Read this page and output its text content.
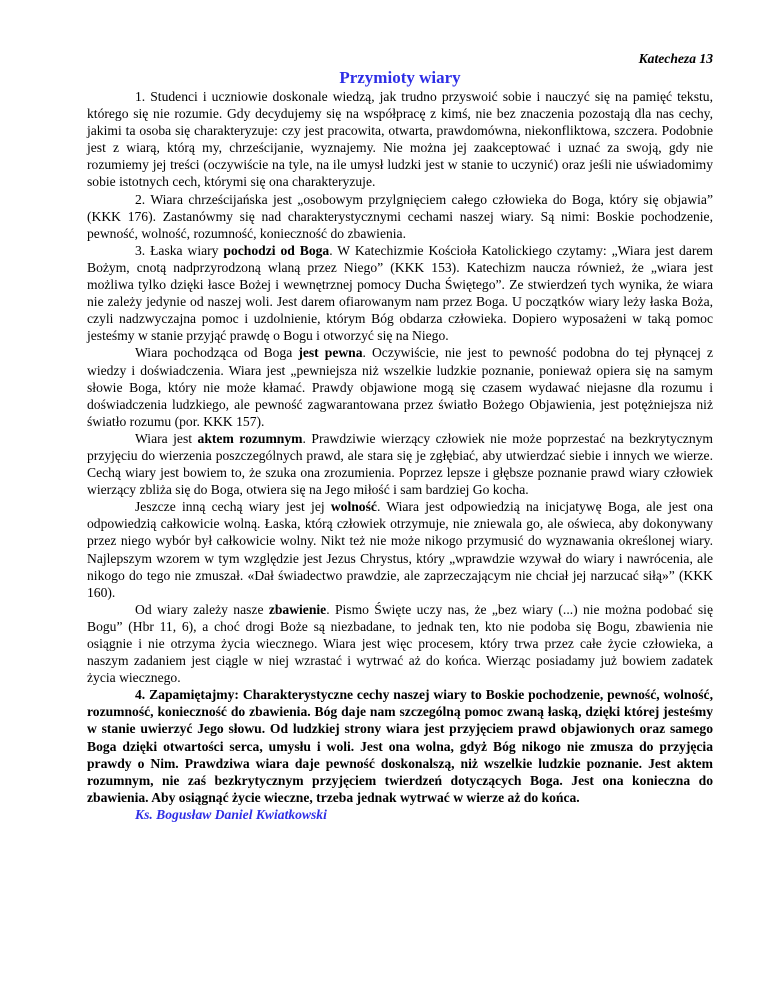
Katecheza 13
Przymioty wiary

1. Studenci i uczniowie doskonale wiedzą, jak trudno przyswoić sobie i nauczyć się na pamięć tekstu, którego się nie rozumie. Gdy decydujemy się na współpracę z kimś, nie bez znaczenia pozostają dla nas cechy, jakimi ta osoba się charakteryzuje: czy jest pracowita, otwarta, prawdomówna, niekonfliktowa, szczera. Podobnie jest z wiarą, którą my, chrześcijanie, wyznajemy. Nie można jej zaakceptować i uznać za swoją, gdy nie rozumiemy jej treści (oczywiście na tyle, na ile umysł ludzki jest w stanie to uczynić) oraz jeśli nie uświadomimy sobie istotnych cech, którymi się ona charakteryzuje.

2. Wiara chrześcijańska jest „osobowym przylgnięciem całego człowieka do Boga, który się objawia” (KKK 176). Zastanówmy się nad charakterystycznymi cechami naszej wiary. Są nimi: Boskie pochodzenie, pewność, wolność, rozumność, konieczność do zbawienia.

3. Łaska wiary pochodzi od Boga. W Katechizmie Kościoła Katolickiego czytamy: „Wiara jest darem Bożym, cnotą nadprzyrodzoną wlaną przez Niego” (KKK 153). Katechizm naucza również, że „wiara jest możliwa tylko dzięki łasce Bożej i wewnętrznej pomocy Ducha Świętego”. Ze stwierdzeń tych wynika, że wiara nie zależy jedynie od naszej woli. Jest darem ofiarowanym nam przez Boga. U początków wiary leży łaska Boża, czyli nadzwyczajna pomoc i uzdolnienie, którym Bóg obdarza człowieka. Dopiero wyposażeni w taką pomoc jesteśmy w stanie przyjąć prawdę o Bogu i otworzyć się na Niego.

Wiara pochodząca od Boga jest pewna. Oczywiście, nie jest to pewność podobna do tej płynącej z wiedzy i doświadczenia. Wiara jest „pewniejsza niż wszelkie ludzkie poznanie, ponieważ opiera się na samym słowie Boga, który nie może kłamać. Prawdy objawione mogą się czasem wydawać niejasne dla rozumu i doświadczenia ludzkiego, ale pewność zagwarantowana przez światło Bożego Objawienia, jest potężniejsza niż światło rozumu (por. KKK 157).

Wiara jest aktem rozumnym. Prawdziwie wierzący człowiek nie może poprzestać na bezkrytycznym przyjęciu do wierzenia poszczególnych prawd, ale stara się je zgłębiać, aby utwierdzać siebie i innych we wierze. Cechą wiary jest bowiem to, że szuka ona zrozumienia. Poprzez lepsze i głębsze poznanie prawd wiary człowiek wierzący zbliża się do Boga, otwiera się na Jego miłość i sam bardziej Go kocha.

Jeszcze inną cechą wiary jest jej wolność. Wiara jest odpowiedzią na inicjatywę Boga, ale jest ona odpowiedzią całkowicie wolną. Łaska, którą człowiek otrzymuje, nie zniewala go, ale oświeca, aby dokonywany przez niego wybór był całkowicie wolny. Nikt też nie może nikogo przymusić do wyznawania określonej wiary. Najlepszym wzorem w tym względzie jest Jezus Chrystus, który „wprawdzie wzywał do wiary i nawrócenia, ale nikogo do tego nie zmuszał. «Dał świadectwo prawdzie, ale zaprzeczającym nie chciał jej narzucać siłą»” (KKK 160).

Od wiary zależy nasze zbawienie. Pismo Święte uczy nas, że „bez wiary (...) nie można podobać się Bogu” (Hbr 11, 6), a choć drogi Boże są niezbadane, to jednak ten, kto nie podoba się Bogu, zbawienia nie osiągnie i nie otrzyma życia wiecznego. Wiara jest więc procesem, który trwa przez całe życie człowieka, a naszym zadaniem jest ciągle w niej wzrastać i wytrwać aż do końca. Wierząc posiadamy już bowiem zadatek życia wiecznego.

4. Zapamiętajmy: Charakterystyczne cechy naszej wiary to Boskie pochodzenie, pewność, wolność, rozumność, konieczność do zbawienia. Bóg daje nam szczególną pomoc zwaną łaską, dzięki której jesteśmy w stanie uwierzyć Jego słowu. Od ludzkiej strony wiara jest przyjęciem prawd objawionych oraz samego Boga dzięki otwartości serca, umysłu i woli. Jest ona wolna, gdyż Bóg nikogo nie zmusza do przyjęcia prawdy o Nim. Prawdziwa wiara daje pewność doskonalszą, niż wszelkie ludzkie poznanie. Jest aktem rozumnym, nie zaś bezkrytycznym przyjęciem twierdzeń dotyczących Boga. Jest ona konieczna do zbawienia. Aby osiągnąć życie wieczne, trzeba jednak wytrwać w wierze aż do końca.

Ks. Bogusław Daniel Kwiatkowski
